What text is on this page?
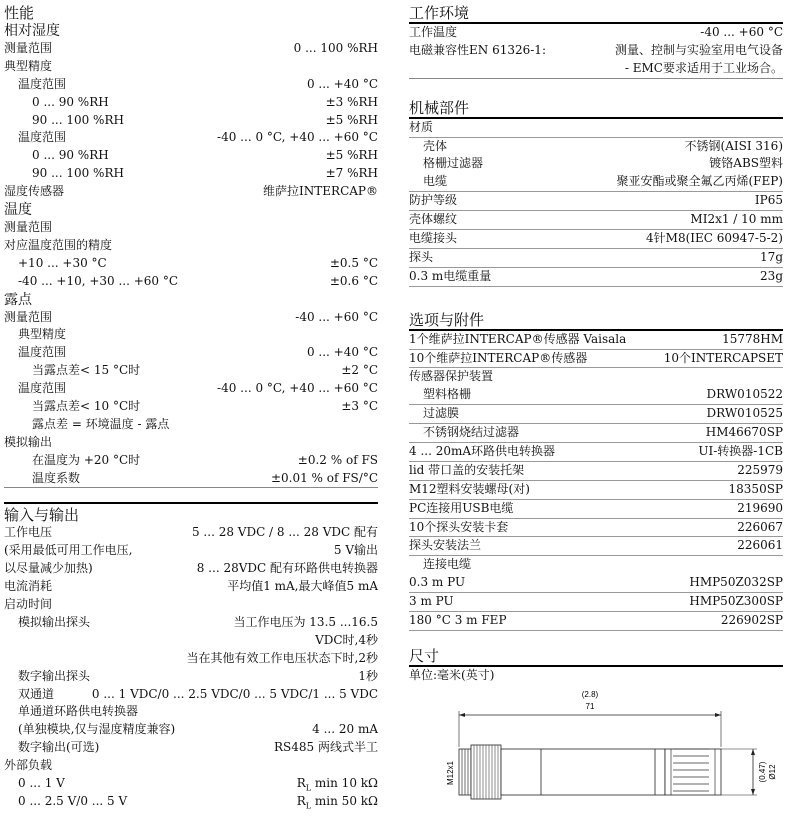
性能
相对湿度
测量范围	0 ... 100 %RH
典型精度
温度范围	0 ... +40 °C
0 ... 90 %RH	±3 %RH
90 ... 100 %RH	±5 %RH
温度范围	-40 ... 0 °C, +40 ... +60 °C
0 ... 90 %RH	±5 %RH
90 ... 100 %RH	±7 %RH
湿度传感器	维萨拉INTERCAP®
温度
测量范围
对应温度范围的精度
+10 ... +30 °C	±0.5 °C
-40 ... +10, +30 ... +60 °C	±0.6 °C
露点
测量范围	-40 ... +60 °C
典型精度
温度范围	0 ... +40 °C
当露点差< 15 °C时	±2 °C
温度范围	-40 ... 0 °C, +40 ... +60 °C
当露点差< 10 °C时	±3 °C
露点差 = 环境温度 - 露点
模拟输出
在温度为 +20 °C时	±0.2 % of FS
温度系数	±0.01 % of FS/°C
输入与输出
工作电压	5 ... 28 VDC / 8 ... 28 VDC 配有
(采用最低可用工作电压,	5 V输出
以尽量减少加热)	8 ... 28VDC 配有环路供电转换器
电流消耗	平均值1 mA,最大峰值5 mA
启动时间
模拟输出探头	当工作电压为 13.5 ...16.5
VDC时,4秒
当在其他有效工作电压状态下时,2秒
数字输出探头	1秒
双通道	0 ... 1 VDC/0 ... 2.5 VDC/0 ... 5 VDC/1 ... 5 VDC
单通道环路供电转换器
(单独模块,仅与湿度精度兼容)	4 ... 20 mA
数字输出(可选)	RS485 两线式半工
外部负载
0 ... 1 V	$R_L$ min 10 kΩ
0 ... 2.5 V/0 ... 5 V	$R_L$ min 50 kΩ
工作环境
工作温度	-40 ... +60 °C
电磁兼容性EN 61326-1:	测量、控制与实验室用电气设备
- EMC要求适用于工业场合。
机械部件
材质
壳体	不锈钢(AISI 316)
格栅过滤器	镀铬ABS塑料
电缆	聚亚安酯或聚全氟乙丙烯(FEP)
防护等级	IP65
壳体螺纹	MI2x1 / 10 mm
电缆接头	4针M8(IEC 60947-5-2)
探头	17g
0.3 m电缆重量	23g
选项与附件
1个维萨拉INTERCAP®传感器 Vaisala	15778HM
10个维萨拉INTERCAP®传感器	10个INTERCAPSET
传感器保护装置
塑料格栅	DRW010522
过滤膜	DRW010525
不锈钢烧结过滤器	HM46670SP
4 ... 20mA环路供电转换器	UI-转换器-1CB
lid 带口盖的安装托架	225979
M12塑料安装螺母(对)	18350SP
PC连接用USB电缆	219690
10个探头安装卡套	226067
探头安装法兰	226061
连接电缆
0.3 m PU	HMP50Z032SP
3 m PU	HMP50Z300SP
180 °C 3 m FEP	226902SP
尺寸
单位:毫米(英寸)
(2.8)
71
M12x1	(0.47) Ø12
